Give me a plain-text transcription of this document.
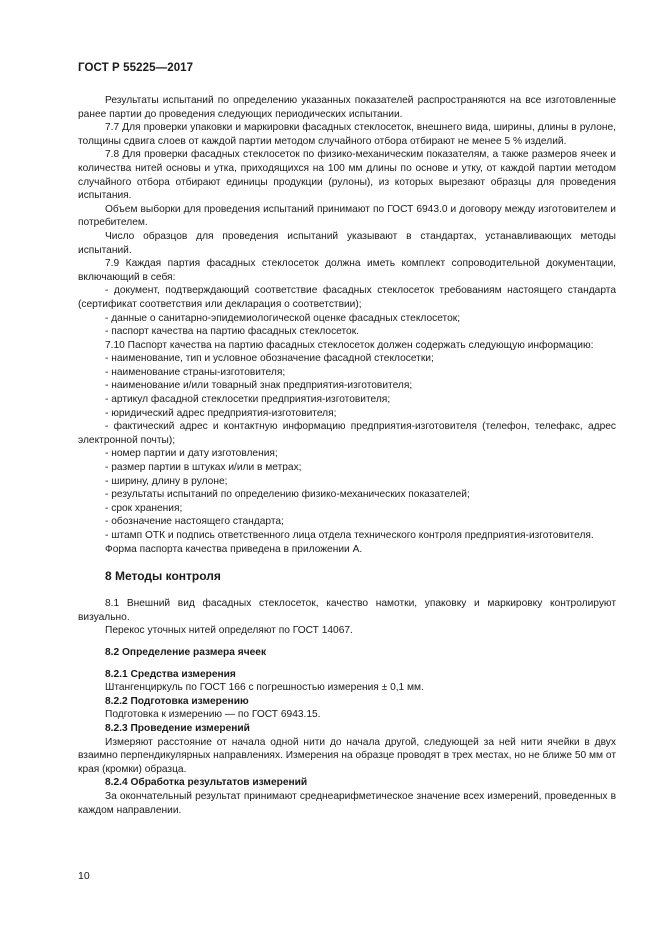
ГОСТ Р 55225—2017

Результаты испытаний по определению указанных показателей распространяются на все изготовленные ранее партии до проведения следующих периодических испытании.

7.7 Для проверки упаковки и маркировки фасадных стеклосеток, внешнего вида, ширины, длины в рулоне, толщины сдвига слоев от каждой партии методом случайного отбора отбирают не менее 5 % изделий.

7.8 Для проверки фасадных стеклосеток по физико-механическим показателям, а также размеров ячеек и количества нитей основы и утка, приходящихся на 100 мм длины по основе и утку, от каждой партии методом случайного отбора отбирают единицы продукции (рулоны), из которых вырезают образцы для проведения испытания.

Объем выборки для проведения испытаний принимают по ГОСТ 6943.0 и договору между изготовителем и потребителем.

Число образцов для проведения испытаний указывают в стандартах, устанавливающих методы испытаний.

7.9 Каждая партия фасадных стеклосеток должна иметь комплект сопроводительной документации, включающий в себя:

- документ, подтверждающий соответствие фасадных стеклосеток требованиям настоящего стандарта (сертификат соответствия или декларация о соответствии);

- данные о санитарно-эпидемиологической оценке фасадных стеклосеток;

- паспорт качества на партию фасадных стеклосеток.

7.10 Паспорт качества на партию фасадных стеклосеток должен содержать следующую информацию:

- наименование, тип и условное обозначение фасадной стеклосетки;

- наименование страны-изготовителя;

- наименование и/или товарный знак предприятия-изготовителя;

- артикул фасадной стеклосетки предприятия-изготовителя;

- юридический адрес предприятия-изготовителя;

- фактический адрес и контактную информацию предприятия-изготовителя (телефон, телефакс, адрес электронной почты);

- номер партии и дату изготовления;

- размер партии в штуках и/или в метрах;

- ширину, длину в рулоне;

- результаты испытаний по определению физико-механических показателей;

- срок хранения;

- обозначение настоящего стандарта;

- штамп ОТК и подпись ответственного лица отдела технического контроля предприятия-изготовителя.

Форма паспорта качества приведена в приложении А.

8 Методы контроля

8.1 Внешний вид фасадных стеклосеток, качество намотки, упаковку и маркировку контролируют визуально.

Перекос уточных нитей определяют по ГОСТ 14067.

8.2 Определение размера ячеек

8.2.1 Средства измерения

Штангенциркуль по ГОСТ 166 с погрешностью измерения ± 0,1 мм.

8.2.2 Подготовка измерению

Подготовка к измерению — по ГОСТ 6943.15.

8.2.3 Проведение измерений

Измеряют расстояние от начала одной нити до начала другой, следующей за ней нити ячейки в двух взаимно перпендикулярных направлениях. Измерения на образце проводят в трех местах, но не ближе 50 мм от края (кромки) образца.

8.2.4 Обработка результатов измерений

За окончательный результат принимают среднеарифметическое значение всех измерений, проведенных в каждом направлении.

10
